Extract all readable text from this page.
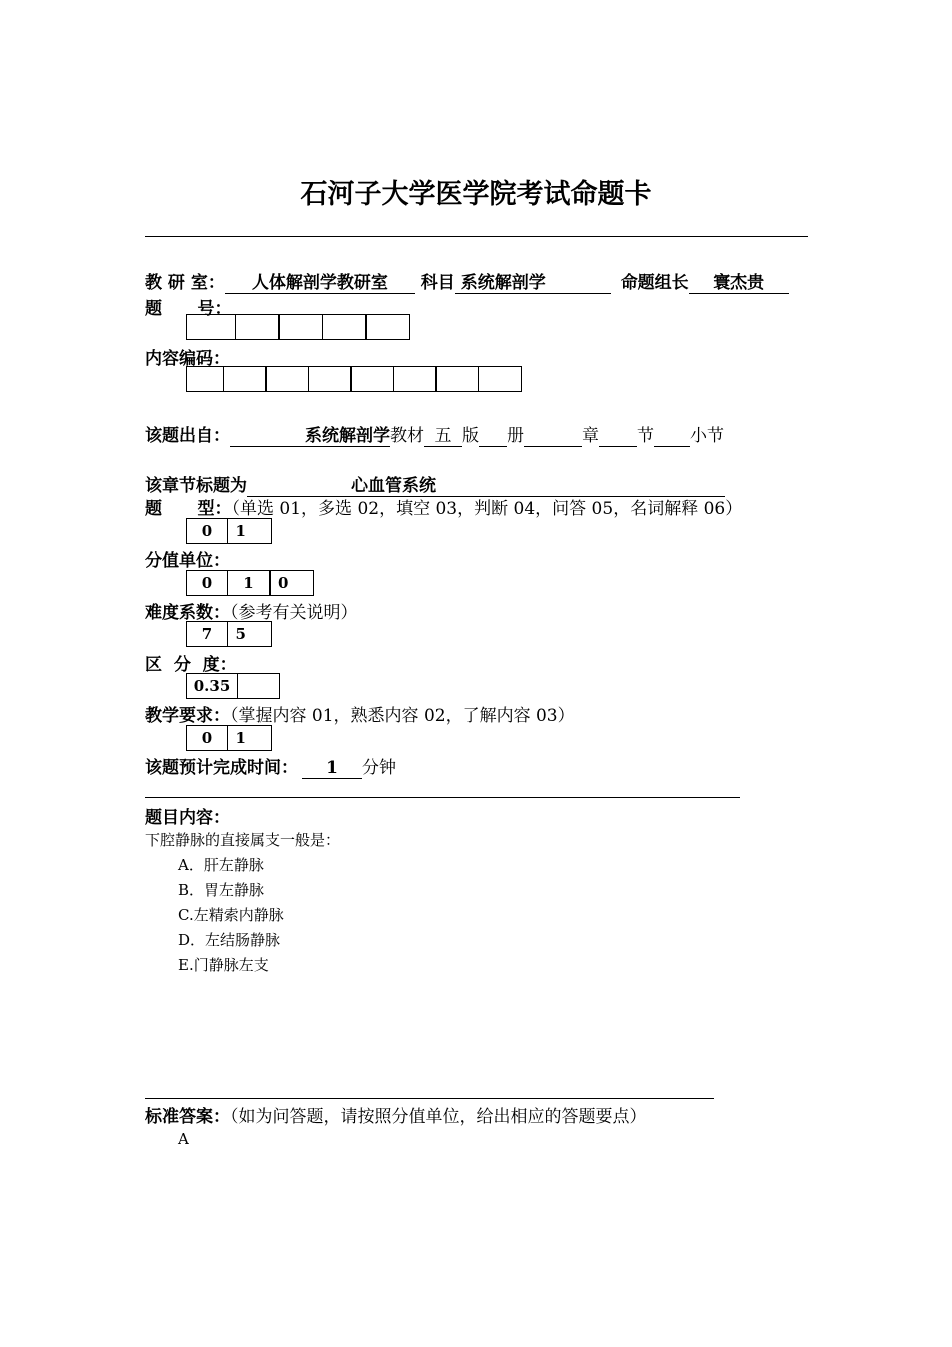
石河子大学医学院考试命题卡
教 研 室： 人体解剖学教研室 科目 系统解剖学	命题组长 寰杰贵
题      号：
内容编码：
该题出自：	系统解剖学教材 五 版 册	章 节 小节
该章节标题为	心血管系统
题      型：（单选 01，多选 02，填空 03，判断 04，问答 05，名词解释 06）
0	1
分值单位：
0	1	0
难度系数：（参考有关说明）
7	5
区  分  度：
0.35
教学要求：（掌握内容 01，熟悉内容 02，了解内容 03）
0	1
该题预计完成时间： 1 分钟
题目内容：
下腔静脉的直接属支一般是：
A．肝左静脉
B．胃左静脉
C.左精索内静脉
D．左结肠静脉
E.门静脉左支
标准答案：（如为问答题，请按照分值单位，给出相应的答题要点）
A
